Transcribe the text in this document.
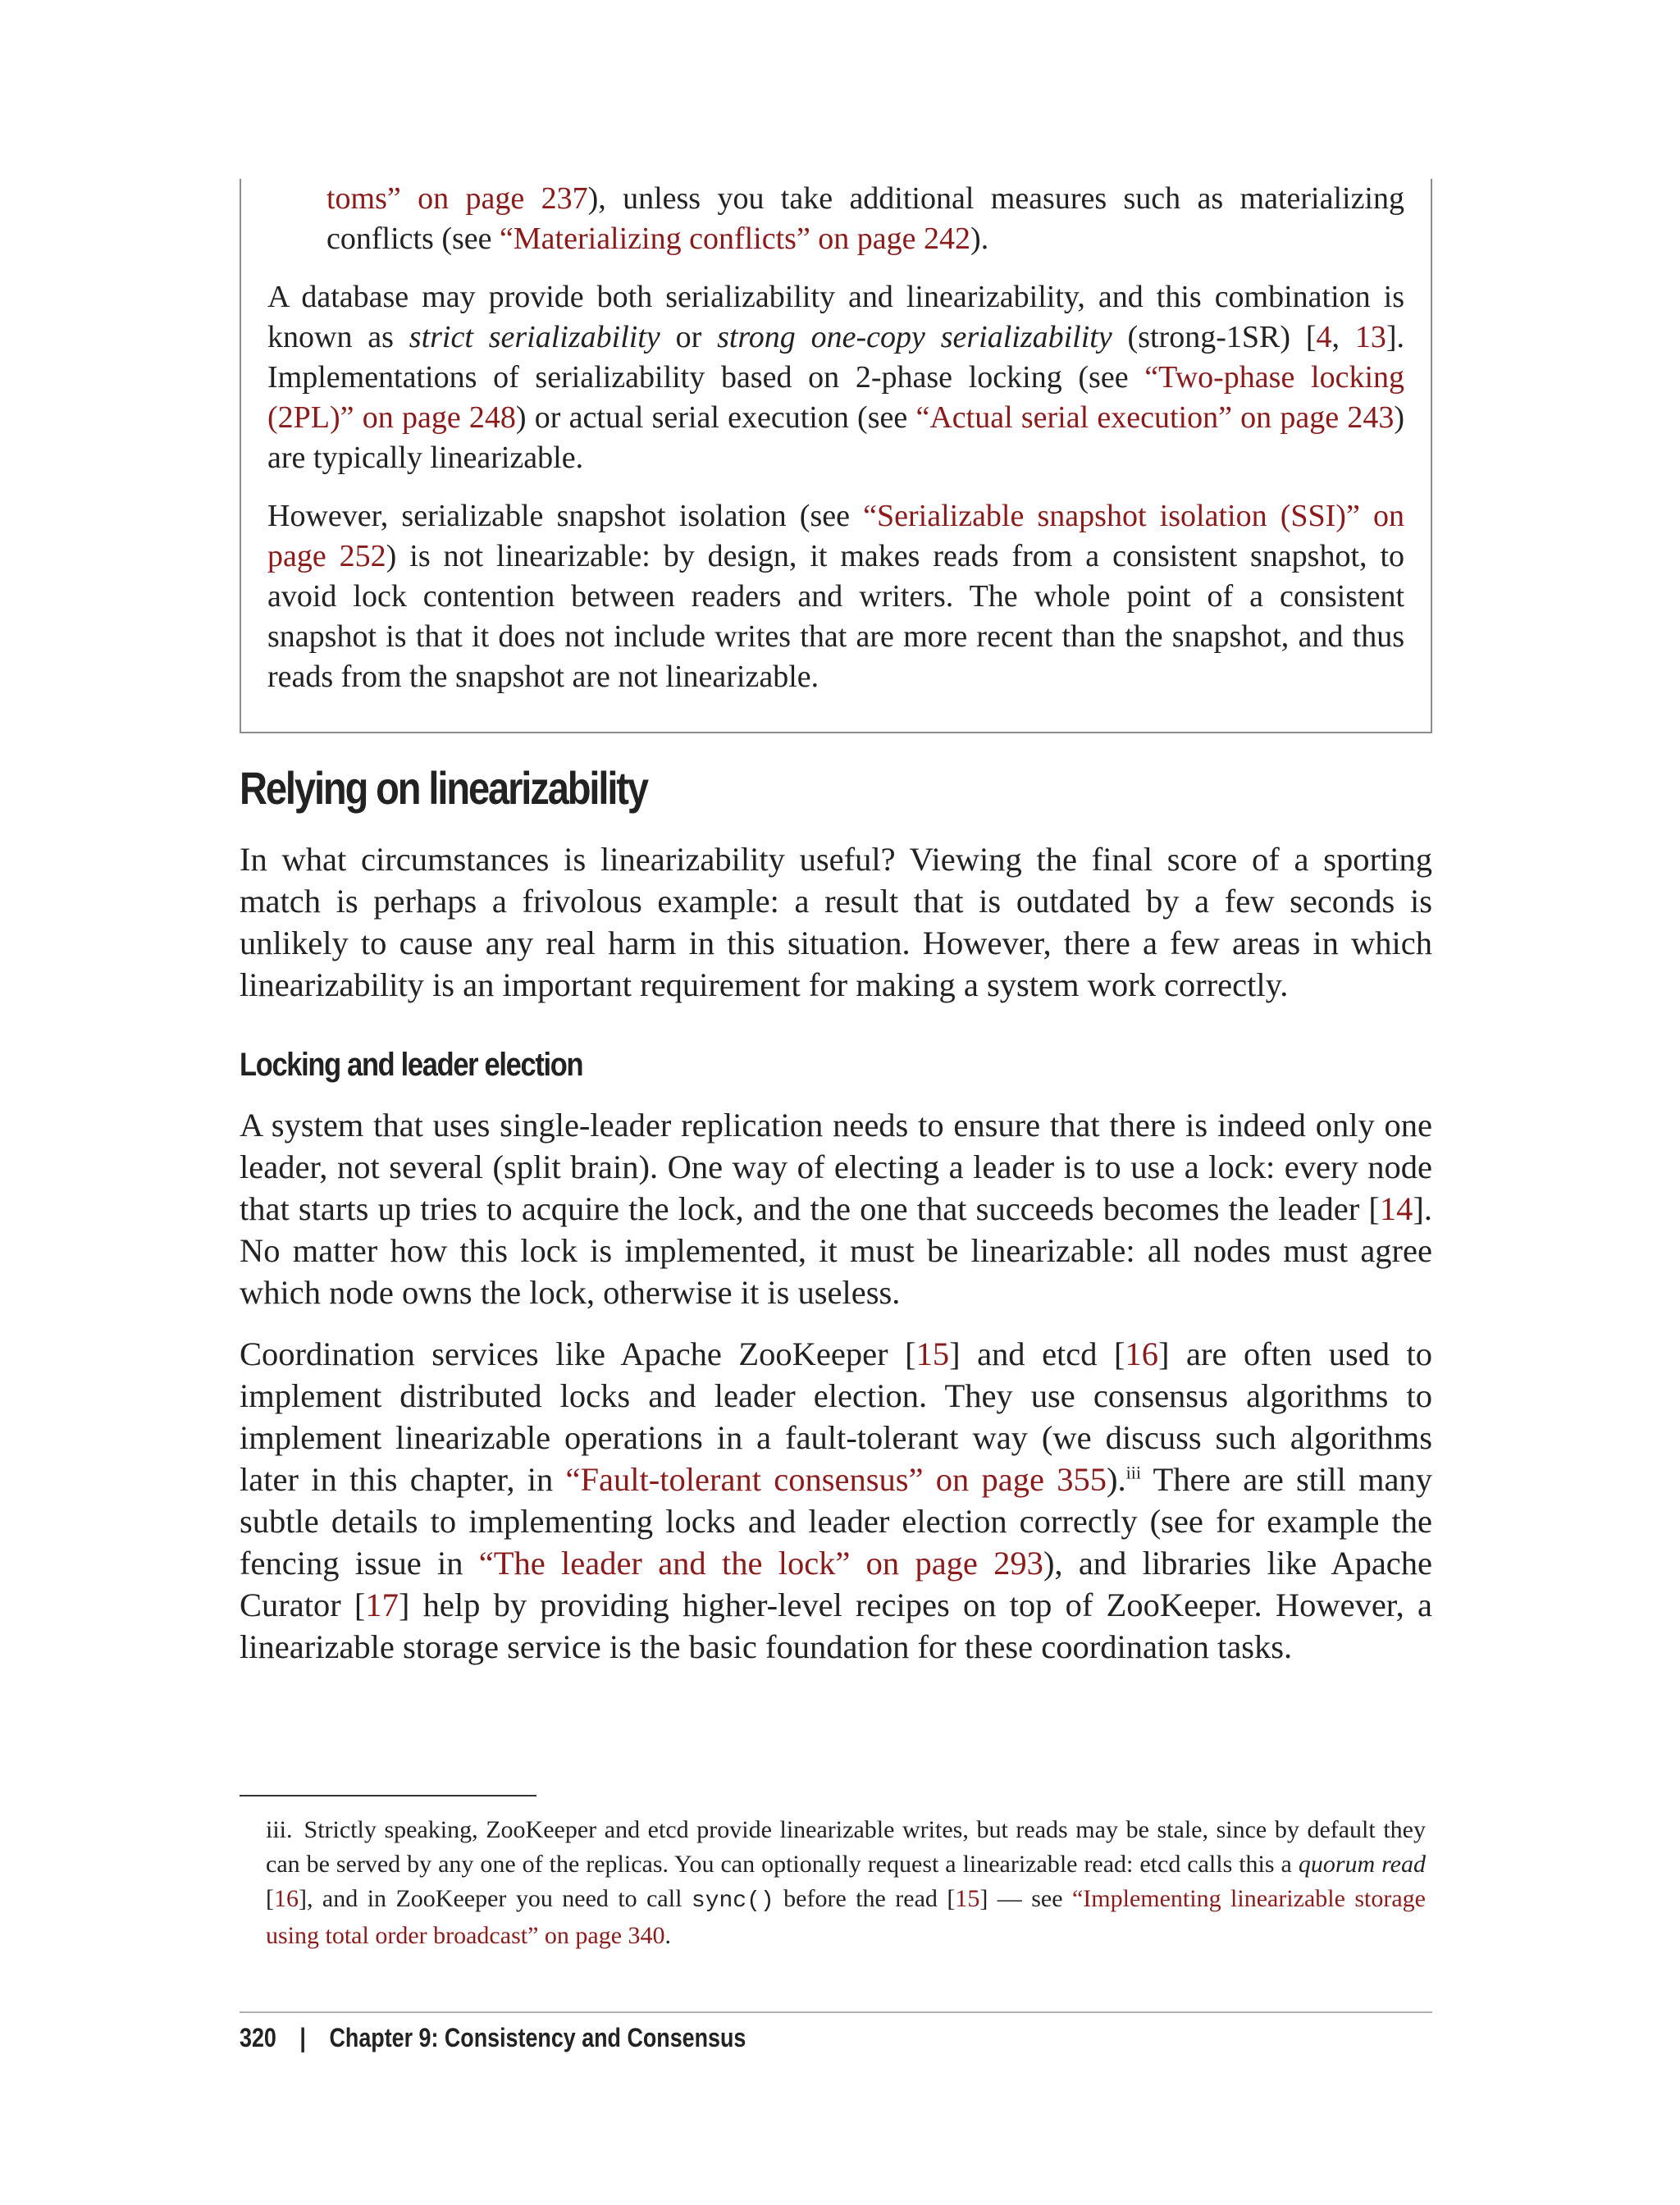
toms” on page 237), unless you take additional measures such as materializing conflicts (see “Materializing conflicts” on page 242).

A database may provide both serializability and linearizability, and this combination is known as strict serializability or strong one-copy serializability (strong-1SR) [4, 13]. Implementations of serializability based on 2-phase locking (see “Two-phase locking (2PL)” on page 248) or actual serial execution (see “Actual serial execution” on page 243) are typically linearizable.

However, serializable snapshot isolation (see “Serializable snapshot isolation (SSI)” on page 252) is not linearizable: by design, it makes reads from a consistent snapshot, to avoid lock contention between readers and writers. The whole point of a consistent snapshot is that it does not include writes that are more recent than the snapshot, and thus reads from the snapshot are not linearizable.

Relying on linearizability

In what circumstances is linearizability useful? Viewing the final score of a sporting match is perhaps a frivolous example: a result that is outdated by a few seconds is unlikely to cause any real harm in this situation. However, there a few areas in which linearizability is an important requirement for making a system work correctly.

Locking and leader election

A system that uses single-leader replication needs to ensure that there is indeed only one leader, not several (split brain). One way of electing a leader is to use a lock: every node that starts up tries to acquire the lock, and the one that succeeds becomes the leader [14]. No matter how this lock is implemented, it must be linearizable: all nodes must agree which node owns the lock, otherwise it is useless.

Coordination services like Apache ZooKeeper [15] and etcd [16] are often used to implement distributed locks and leader election. They use consensus algorithms to implement linearizable operations in a fault-tolerant way (we discuss such algorithms later in this chapter, in “Fault-tolerant consensus” on page 355).$^{iii}$ There are still many subtle details to implementing locks and leader election correctly (see for example the fencing issue in “The leader and the lock” on page 293), and libraries like Apache Curator [17] help by providing higher-level recipes on top of ZooKeeper. However, a linearizable storage service is the basic foundation for these coordination tasks.

iii. Strictly speaking, ZooKeeper and etcd provide linearizable writes, but reads may be stale, since by default they can be served by any one of the replicas. You can optionally request a linearizable read: etcd calls this a quorum read [16], and in ZooKeeper you need to call sync() before the read [15] — see “Implementing linearizable storage using total order broadcast” on page 340.

320 | Chapter 9: Consistency and Consensus
